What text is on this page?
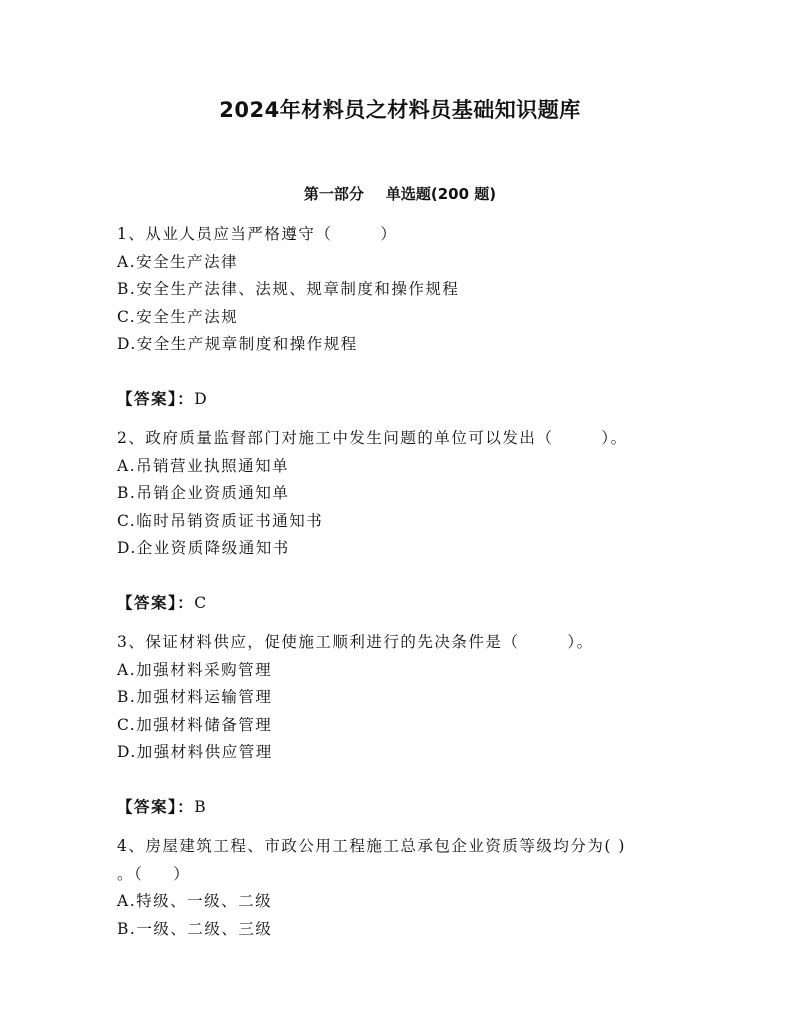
2024年材料员之材料员基础知识题库
第一部分 单选题(200 题)
1、从业人员应当严格遵守（	）
A.安全生产法律
B.安全生产法律、法规、规章制度和操作规程
C.安全生产法规
D.安全生产规章制度和操作规程
【答案】：D
2、政府质量监督部门对施工中发生问题的单位可以发出（	）。
A.吊销营业执照通知单
B.吊销企业资质通知单
C.临时吊销资质证书通知书
D.企业资质降级通知书
【答案】：C
3、保证材料供应，促使施工顺利进行的先决条件是（	）。
A.加强材料采购管理
B.加强材料运输管理
C.加强材料储备管理
D.加强材料供应管理
【答案】：B
4、房屋建筑工程、市政公用工程施工总承包企业资质等级均分为( )
。（ ）
A.特级、一级、二级
B.一级、二级、三级
